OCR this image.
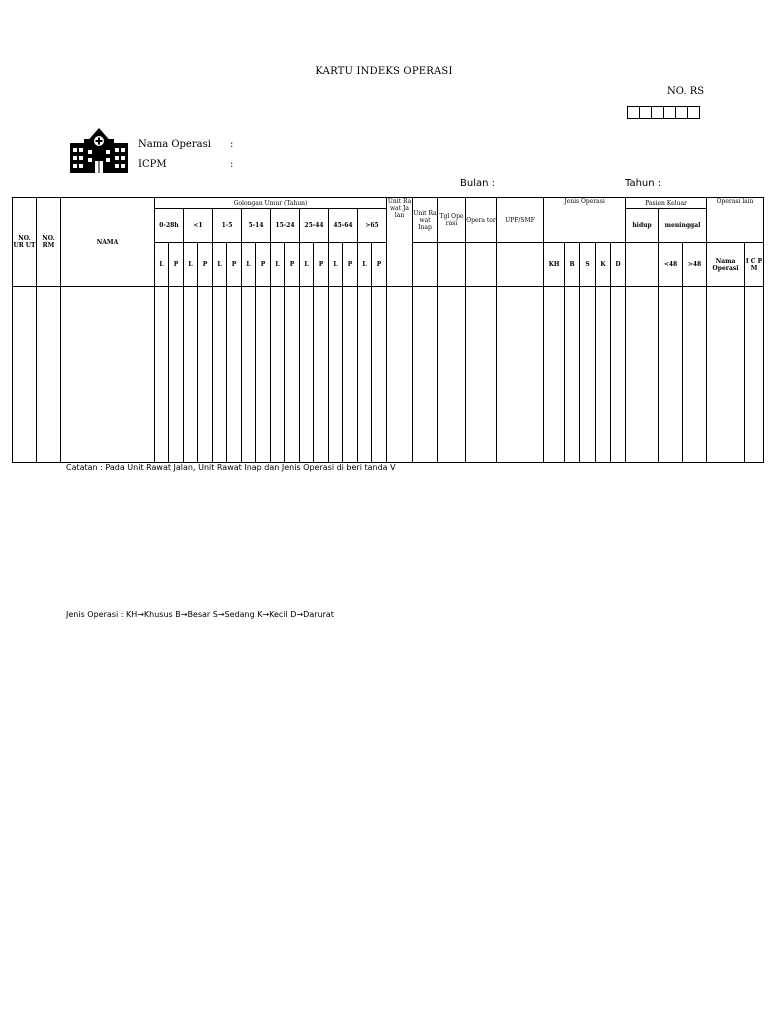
KARTU INDEKS OPERASI
NO. RS
Nama Operasi :
ICPM	:
Bulan :	Tahun :
NO. UR UT	NO. RM	NAMA	Golongan Umur (Tahun)																Unit Ra wat Ja lan	Unit Ra wat Inap	Tgl Ope rasi	Opera tor	UPF/SMF	Jenis Operasi					Pasien Keluar			Operasi lain	
			0-28h		<1		1-5		5-14		15-24		25-44		45-64		>65												hidup	meninggal			
			L	P	L	P	L	P	L	P	L	P	L	P	L	P	L	P						KH	B	S	K	D		<48	>48	Nama Operasi	I C P M

Catatan : Pada Unit Rawat Jalan, Unit Rawat Inap dan Jenis Operasi di beri tanda V
Jenis Operasi : KH→Khusus B→Besar S→Sedang K→Kecil D→Darurat
